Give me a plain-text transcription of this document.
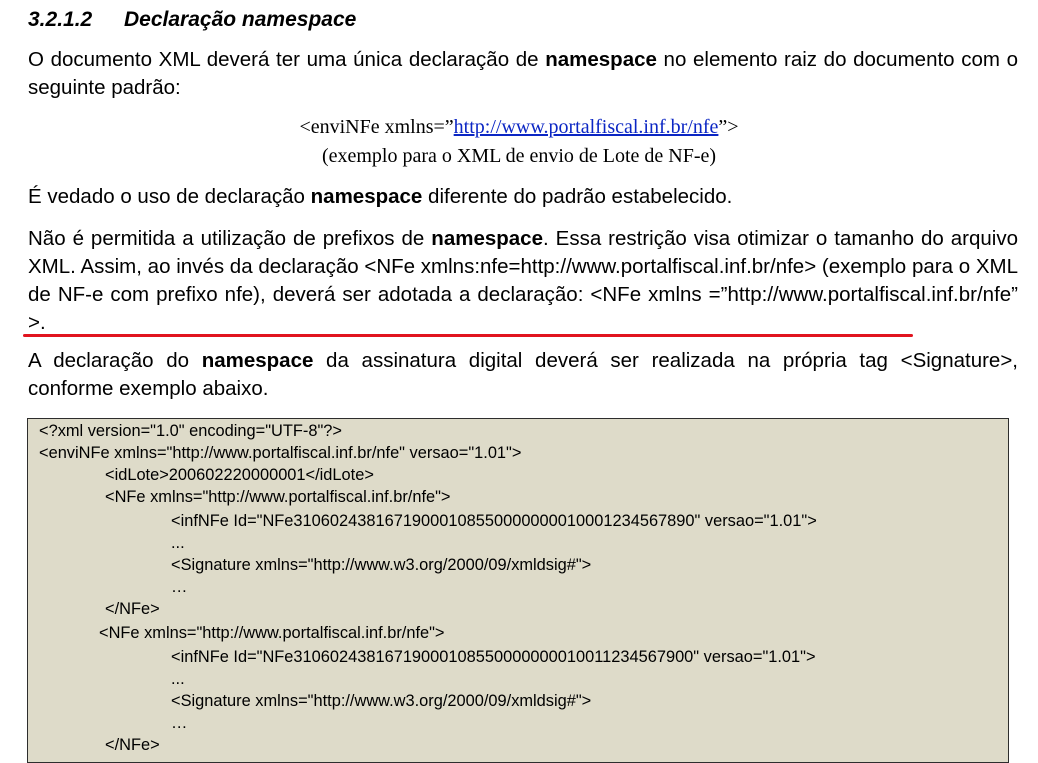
3.2.1.2 Declaração namespace
O documento XML deverá ter uma única declaração de namespace no elemento raiz do documento com o seguinte padrão:
<enviNFe xmlns=”http://www.portalfiscal.inf.br/nfe”>
(exemplo para o XML de envio de Lote de NF-e)
É vedado o uso de declaração namespace diferente do padrão estabelecido.
Não é permitida a utilização de prefixos de namespace. Essa restrição visa otimizar o tamanho do arquivo XML. Assim, ao invés da declaração <NFe xmlns:nfe=http://www.portalfiscal.inf.br/nfe> (exemplo para o XML de NF-e com prefixo nfe), deverá ser adotada a declaração: <NFe xmlns =”http://www.portalfiscal.inf.br/nfe” >.
A declaração do namespace da assinatura digital deverá ser realizada na própria tag <Signature>, conforme exemplo abaixo.
<?xml version="1.0" encoding="UTF-8"?>
<enviNFe xmlns="http://www.portalfiscal.inf.br/nfe" versao="1.01">
<idLote>200602220000001</idLote>
<NFe xmlns="http://www.portalfiscal.inf.br/nfe">
<infNFe Id="NFe31060243816719000108550000000010001234567890" versao="1.01">
...
<Signature xmlns="http://www.w3.org/2000/09/xmldsig#">
…
</NFe>
<NFe xmlns="http://www.portalfiscal.inf.br/nfe">
<infNFe Id="NFe31060243816719000108550000000010011234567900" versao="1.01">
...
<Signature xmlns="http://www.w3.org/2000/09/xmldsig#">
…
</NFe>
